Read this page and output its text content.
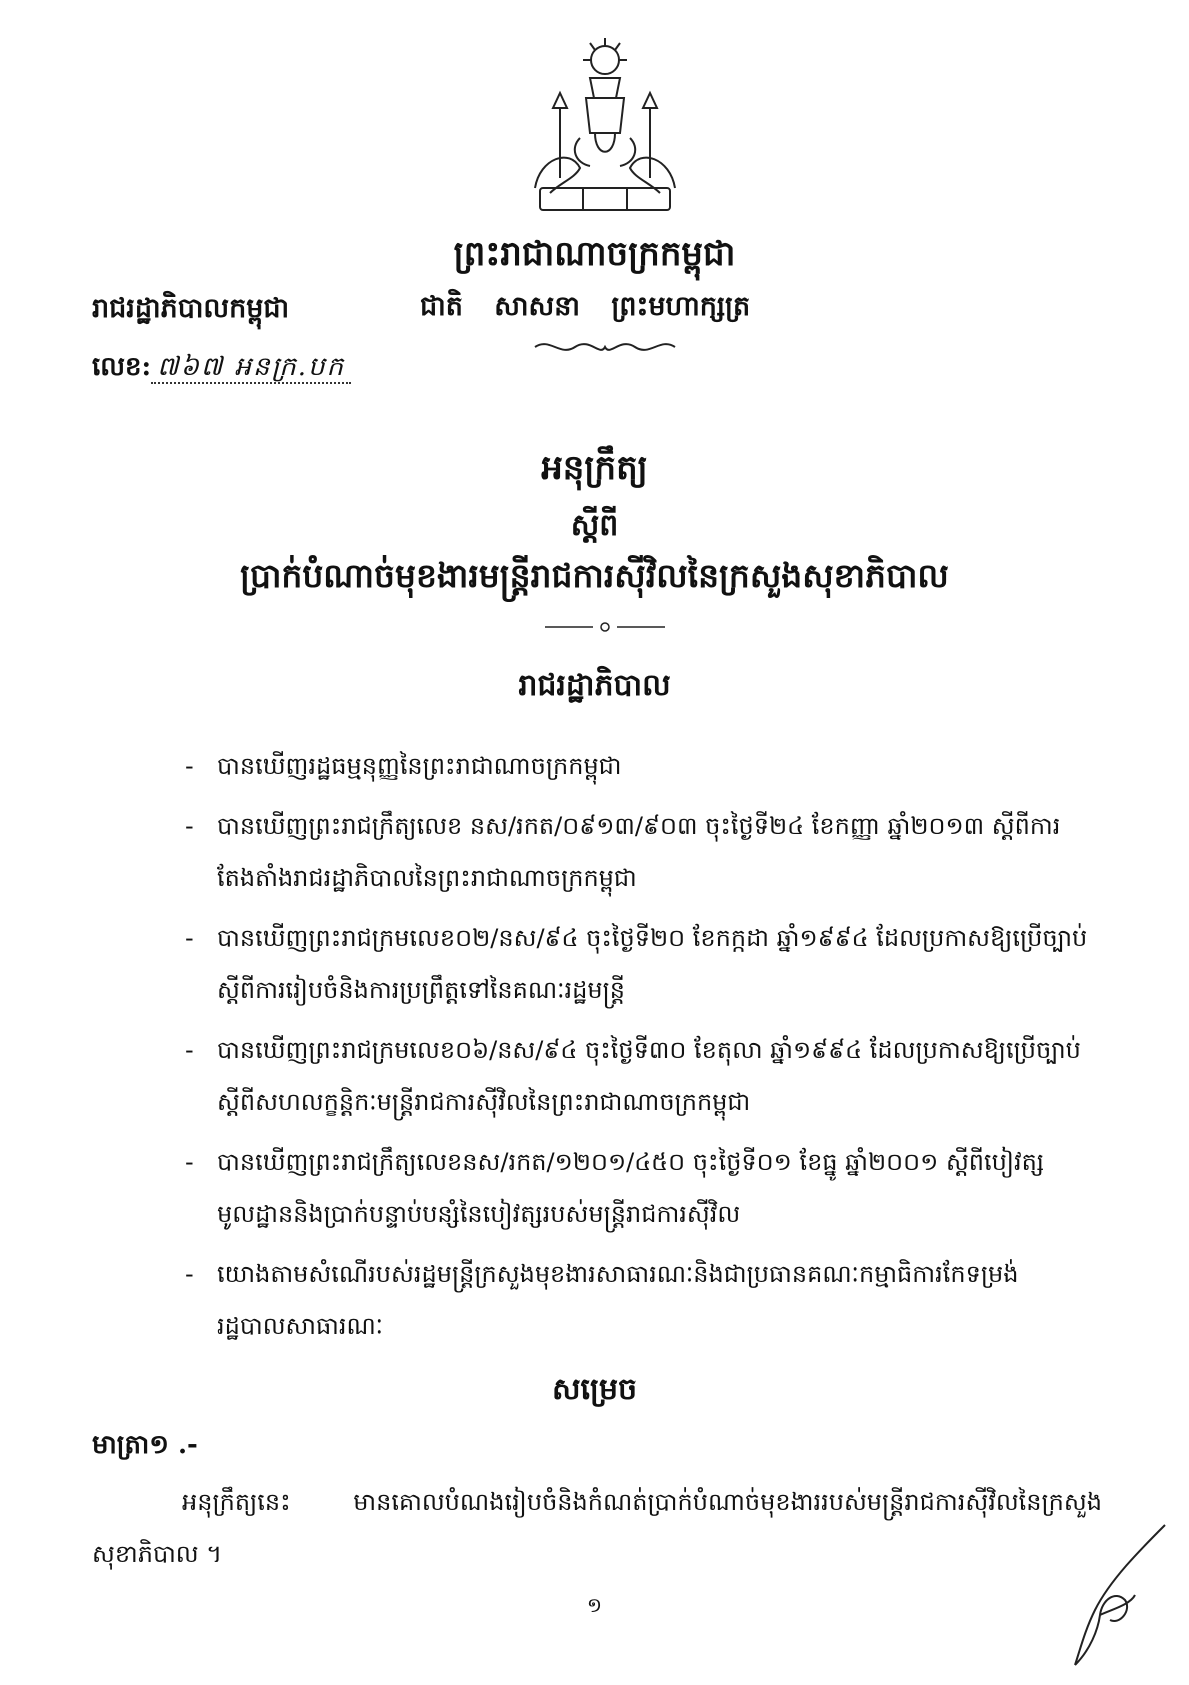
ព្រះរាជាណាចក្រកម្ពុជា
រាជរដ្ឋាភិបាលកម្ពុជា	ជាតិ សាសនា ព្រះមហាក្សត្រ
លេខ: ៧៦៧ អនក្រ.បក
អនុក្រឹត្យ
ស្ដីពី
ប្រាក់បំណាច់មុខងារមន្ត្រីរាជការស៊ីវិលនៃក្រសួងសុខាភិបាល
រាជរដ្ឋាភិបាល
- បានឃើញរដ្ឋធម្មនុញ្ញនៃព្រះរាជាណាចក្រកម្ពុជា
- បានឃើញព្រះរាជក្រឹត្យលេខ នស/រកត/០៩១៣/៩០៣ ចុះថ្ងៃទី២៤ ខែកញ្ញា ឆ្នាំ២០១៣ ស្តីពីការតែងតាំងរាជរដ្ឋាភិបាលនៃព្រះរាជាណាចក្រកម្ពុជា
- បានឃើញព្រះរាជក្រមលេខ០២/នស/៩៤ ចុះថ្ងៃទី២០ ខែកក្កដា ឆ្នាំ១៩៩៤ ដែលប្រកាសឱ្យប្រើច្បាប់ស្តីពីការរៀបចំនិងការប្រព្រឹត្តទៅនៃគណៈរដ្ឋមន្ត្រី
- បានឃើញព្រះរាជក្រមលេខ០៦/នស/៩៤ ចុះថ្ងៃទី៣០ ខែតុលា ឆ្នាំ១៩៩៤ ដែលប្រកាសឱ្យប្រើច្បាប់ស្តីពីសហលក្ខន្តិកៈមន្ត្រីរាជការស៊ីវិលនៃព្រះរាជាណាចក្រកម្ពុជា
- បានឃើញព្រះរាជក្រឹត្យលេខនស/រកត/១២០១/៤៥០ ចុះថ្ងៃទី០១ ខែធ្នូ ឆ្នាំ២០០១ ស្តីពីបៀវត្សមូលដ្ឋាននិងប្រាក់បន្ទាប់បន្សំនៃបៀវត្សរបស់មន្ត្រីរាជការស៊ីវិល
- យោងតាមសំណើរបស់រដ្ឋមន្ត្រីក្រសួងមុខងារសាធារណៈនិងជាប្រធានគណៈកម្មាធិការកែទម្រង់រដ្ឋបាលសាធារណៈ
សម្រេច
មាត្រា១ .-
អនុក្រឹត្យនេះ មានគោលបំណងរៀបចំនិងកំណត់ប្រាក់បំណាច់មុខងាររបស់មន្ត្រីរាជការស៊ីវិលនៃក្រសួងសុខាភិបាល ។
១
